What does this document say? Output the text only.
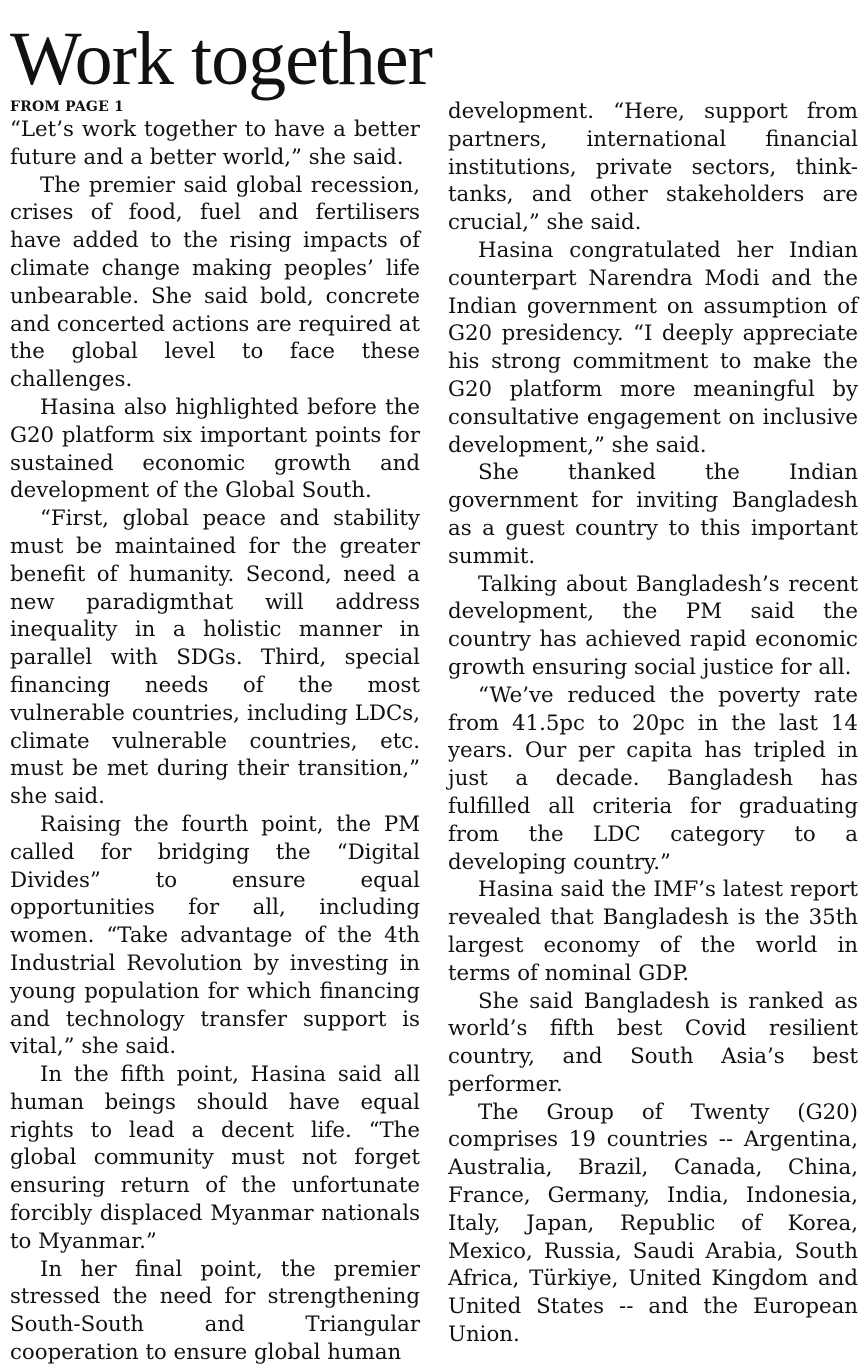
Work together
FROM PAGE 1

“Let’s work together to have a better future and a better world,” she said.

The premier said global recession, crises of food, fuel and fertilisers have added to the rising impacts of climate change making peoples’ life unbearable. She said bold, concrete and concerted actions are required at the global level to face these challenges.

Hasina also highlighted before the G20 platform six important points for sustained economic growth and development of the Global South.

“First, global peace and stability must be maintained for the greater benefit of humanity. Second, need a new paradigmthat will address inequality in a holistic manner in parallel with SDGs. Third, special financing needs of the most vulnerable countries, including LDCs, climate vulnerable countries, etc. must be met during their transition,” she said.

Raising the fourth point, the PM called for bridging the “Digital Divides” to ensure equal opportunities for all, including women. “Take advantage of the 4th Industrial Revolution by investing in young population for which financing and technology transfer support is vital,” she said.

In the fifth point, Hasina said all human beings should have equal rights to lead a decent life. “The global community must not forget ensuring return of the unfortunate forcibly displaced Myanmar nationals to Myanmar.”

In her final point, the premier stressed the need for strengthening South-South and Triangular cooperation to ensure global human

development. “Here, support from partners, international financial institutions, private sectors, think-tanks, and other stakeholders are crucial,” she said.

Hasina congratulated her Indian counterpart Narendra Modi and the Indian government on assumption of G20 presidency. “I deeply appreciate his strong commitment to make the G20 platform more meaningful by consultative engagement on inclusive development,” she said.

She thanked the Indian government for inviting Bangladesh as a guest country to this important summit.

Talking about Bangladesh’s recent development, the PM said the country has achieved rapid economic growth ensuring social justice for all.

“We’ve reduced the poverty rate from 41.5pc to 20pc in the last 14 years. Our per capita has tripled in just a decade. Bangladesh has fulfilled all criteria for graduating from the LDC category to a developing country.”

Hasina said the IMF’s latest report revealed that Bangladesh is the 35th largest economy of the world in terms of nominal GDP.

She said Bangladesh is ranked as world’s fifth best Covid resilient country, and South Asia’s best performer.

The Group of Twenty (G20) comprises 19 countries -- Argentina, Australia, Brazil, Canada, China, France, Germany, India, Indonesia, Italy, Japan, Republic of Korea, Mexico, Russia, Saudi Arabia, South Africa, Türkiye, United Kingdom and United States -- and the European Union.
